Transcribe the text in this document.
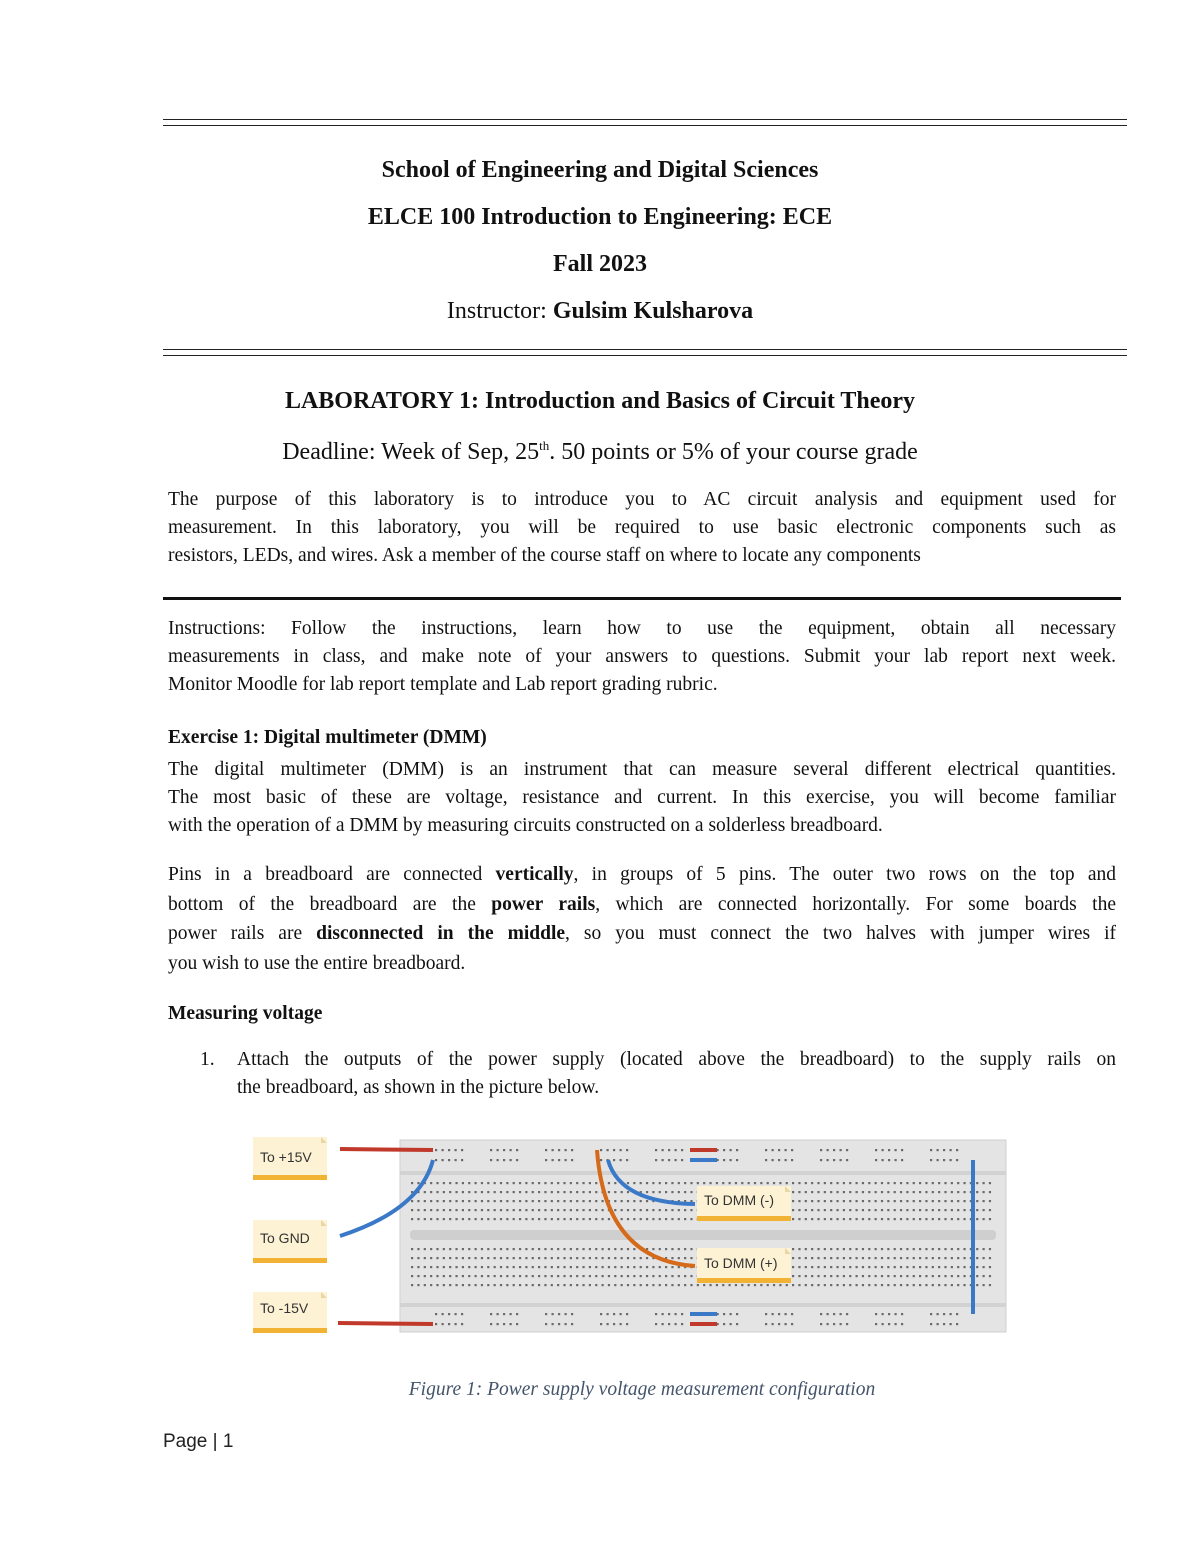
School of Engineering and Digital Sciences
ELCE 100 Introduction to Engineering: ECE
Fall 2023
Instructor: Gulsim Kulsharova
LABORATORY 1: Introduction and Basics of Circuit Theory
Deadline: Week of Sep, 25th. 50 points or 5% of your course grade
The purpose of this laboratory is to introduce you to AC circuit analysis and equipment used for
measurement. In this laboratory, you will be required to use basic electronic components such as
resistors, LEDs, and wires. Ask a member of the course staff on where to locate any components
Instructions: Follow the instructions, learn how to use the equipment, obtain all necessary
measurements in class, and make note of your answers to questions. Submit your lab report next week.
Monitor Moodle for lab report template and Lab report grading rubric.
Exercise 1: Digital multimeter (DMM)
The digital multimeter (DMM) is an instrument that can measure several different electrical quantities.
The most basic of these are voltage, resistance and current. In this exercise, you will become familiar
with the operation of a DMM by measuring circuits constructed on a solderless breadboard.
Pins in a breadboard are connected vertically, in groups of 5 pins. The outer two rows on the top and
bottom of the breadboard are the power rails, which are connected horizontally. For some boards the
power rails are disconnected in the middle, so you must connect the two halves with jumper wires if
you wish to use the entire breadboard.
Measuring voltage
1. Attach the outputs of the power supply (located above the breadboard) to the supply rails on
the breadboard, as shown in the picture below.
To +15V
To GND
To -15V
To DMM (-)
To DMM (+)
Figure 1: Power supply voltage measurement configuration
Page | 1
